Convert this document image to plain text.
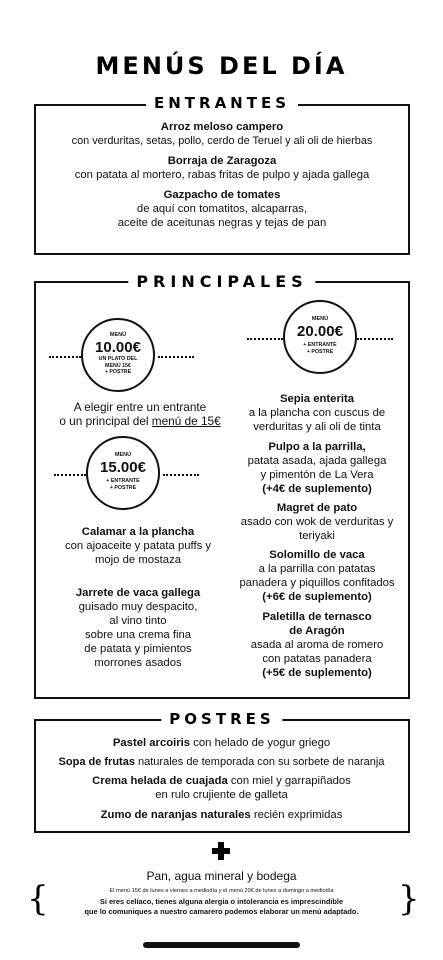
MENÚS DEL DÍA
ENTRANTES
Arroz meloso campero
con verduritas, setas, pollo, cerdo de Teruel y ali oli de hierbas
Borraja de Zaragoza
con patata al mortero, rabas fritas de pulpo y ajada gallega
Gazpacho de tomates
de aquí con tomatitos, alcaparras,
aceite de aceitunas negras y tejas de pan
PRINCIPALES
MENÚ
10.00€
UN PLATO DEL
MENÚ 15€
+ POSTRE
MENÚ
20.00€
+ ENTRANTE
+ POSTRE
A elegir entre un entrante
o un principal del menú de 15€
MENÚ
15.00€
+ ENTRANTE
+ POSTRE
Calamar a la plancha
con ajoaceite y patata puffs y
mojo de mostaza
Jarrete de vaca gallega
guisado muy despacito,
al vino tinto
sobre una crema fina
de patata y pimientos
morrones asados
Sepia enterita
a la plancha con cuscus de
verduritas y ali oli de tinta
Pulpo a la parrilla,
patata asada, ajada gallega
y pimentón de La Vera
(+4€ de suplemento)
Magret de pato
asado con wok de verduritas y
teriyaki
Solomillo de vaca
a la parrilla con patatas
panadera y piquillos confitados
(+6€ de suplemento)
Paletilla de ternasco
de Aragón
asada al aroma de romero
con patatas panadera
(+5€ de suplemento)
POSTRES
Pastel arcoiris con helado de yogur griego
Sopa de frutas naturales de temporada con su sorbete de naranja
Crema helada de cuajada con miel y garrapiñados
en rulo crujiente de galleta
Zumo de naranjas naturales recién exprimidas
Pan, agua mineral y bodega
{	}
El menú 15€ de lunes a viernes a mediodía y el menú 20€ de lunes a domingo a mediodía
Si eres celíaco, tienes alguna alergia o intolerancia es imprescindible
que lo comuniques a nuestro camarero podemos elaborar un menú adaptado.
